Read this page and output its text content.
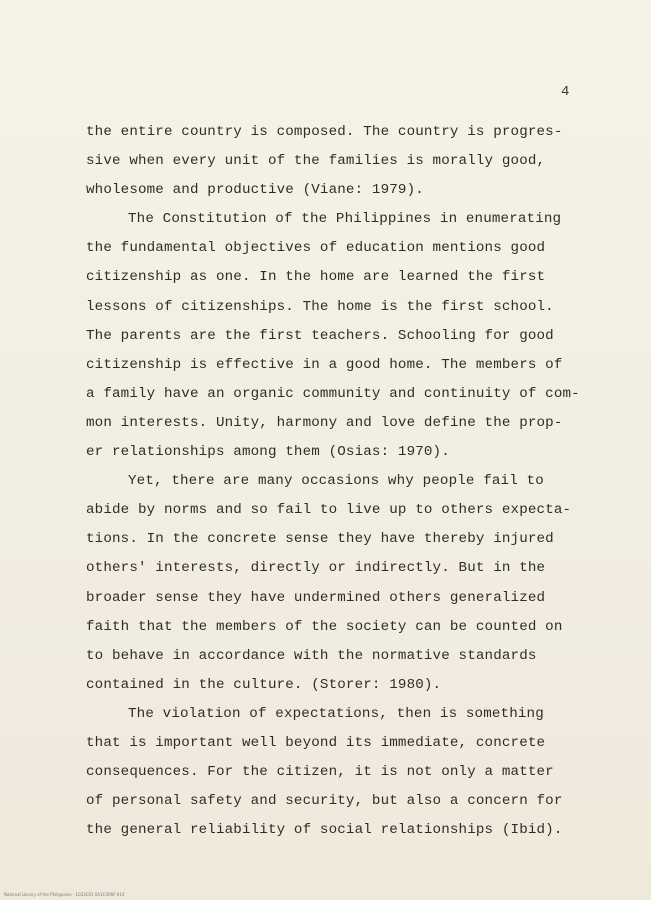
4
the entire country is composed. The country is progres-
sive when every unit of the families is morally good,
wholesome and productive (Viane: 1979).
The Constitution of the Philippines in enumerating
the fundamental objectives of education mentions good
citizenship as one. In the home are learned the first
lessons of citizenships. The home is the first school.
The parents are the first teachers. Schooling for good
citizenship is effective in a good home. The members of
a family have an organic community and continuity of com-
mon interests. Unity, harmony and love define the prop-
er relationships among them (Osias: 1970).
Yet, there are many occasions why people fail to
abide by norms and so fail to live up to others expecta-
tions. In the concrete sense they have thereby injured
others' interests, directly or indirectly. But in the
broader sense they have undermined others generalized
faith that the members of the society can be counted on
to behave in accordance with the normative standards
contained in the culture. (Storer: 1980).
The violation of expectations, then is something
that is important well beyond its immediate, concrete
consequences. For the citizen, it is not only a matter
of personal safety and security, but also a concern for
the general reliability of social relationships (Ibid).
National Library of the Philippines · 1023C01 0A1C006P 014
